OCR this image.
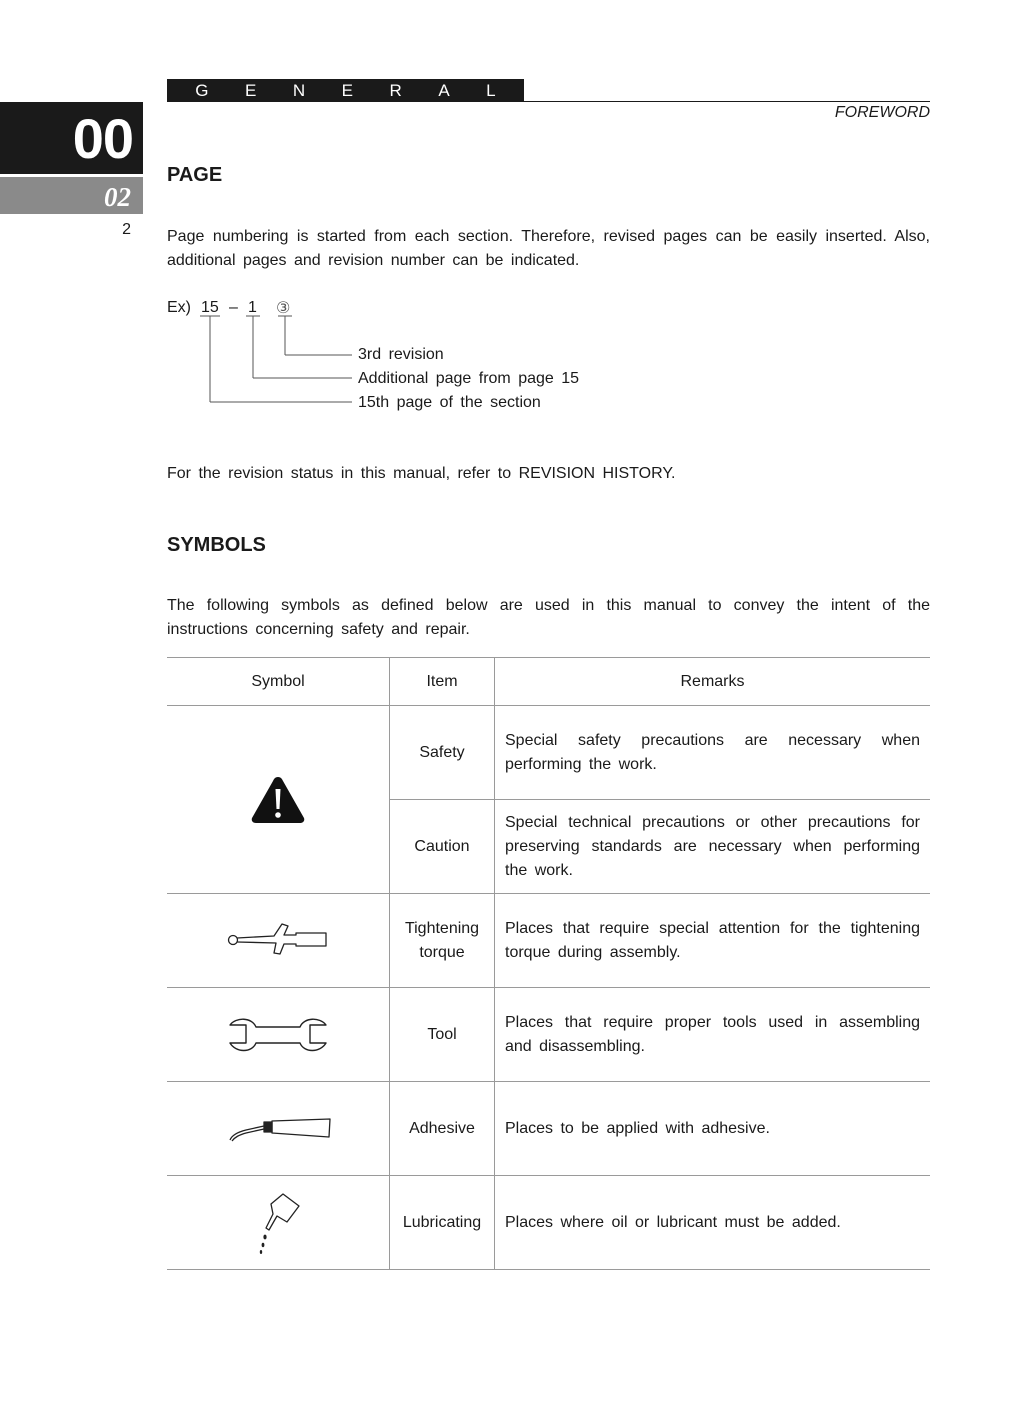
G E N E R A L
FOREWORD
00
02
2
PAGE
Page numbering is started from each section. Therefore, revised pages can be easily inserted. Also, additional pages and revision number can be indicated.
Ex) 15 – 1 ③
3rd revision
Additional page from page 15
15th page of the section
For the revision status in this manual, refer to REVISION HISTORY.
SYMBOLS
The following symbols as defined below are used in this manual to convey the intent of the instructions concerning safety and repair.
Symbol	Item	Remarks

	Safety	Special safety precautions are necessary when performing the work.
	Caution	Special technical precautions or other precautions for preserving standards are necessary when performing the work.

	Tightening
torque	Places that require special attention for the tightening torque during assembly.

	Tool	Places that require proper tools used in assembling and disassembling.

	Adhesive	Places to be applied with adhesive.

	Lubricating	Places where oil or lubricant must be added.
